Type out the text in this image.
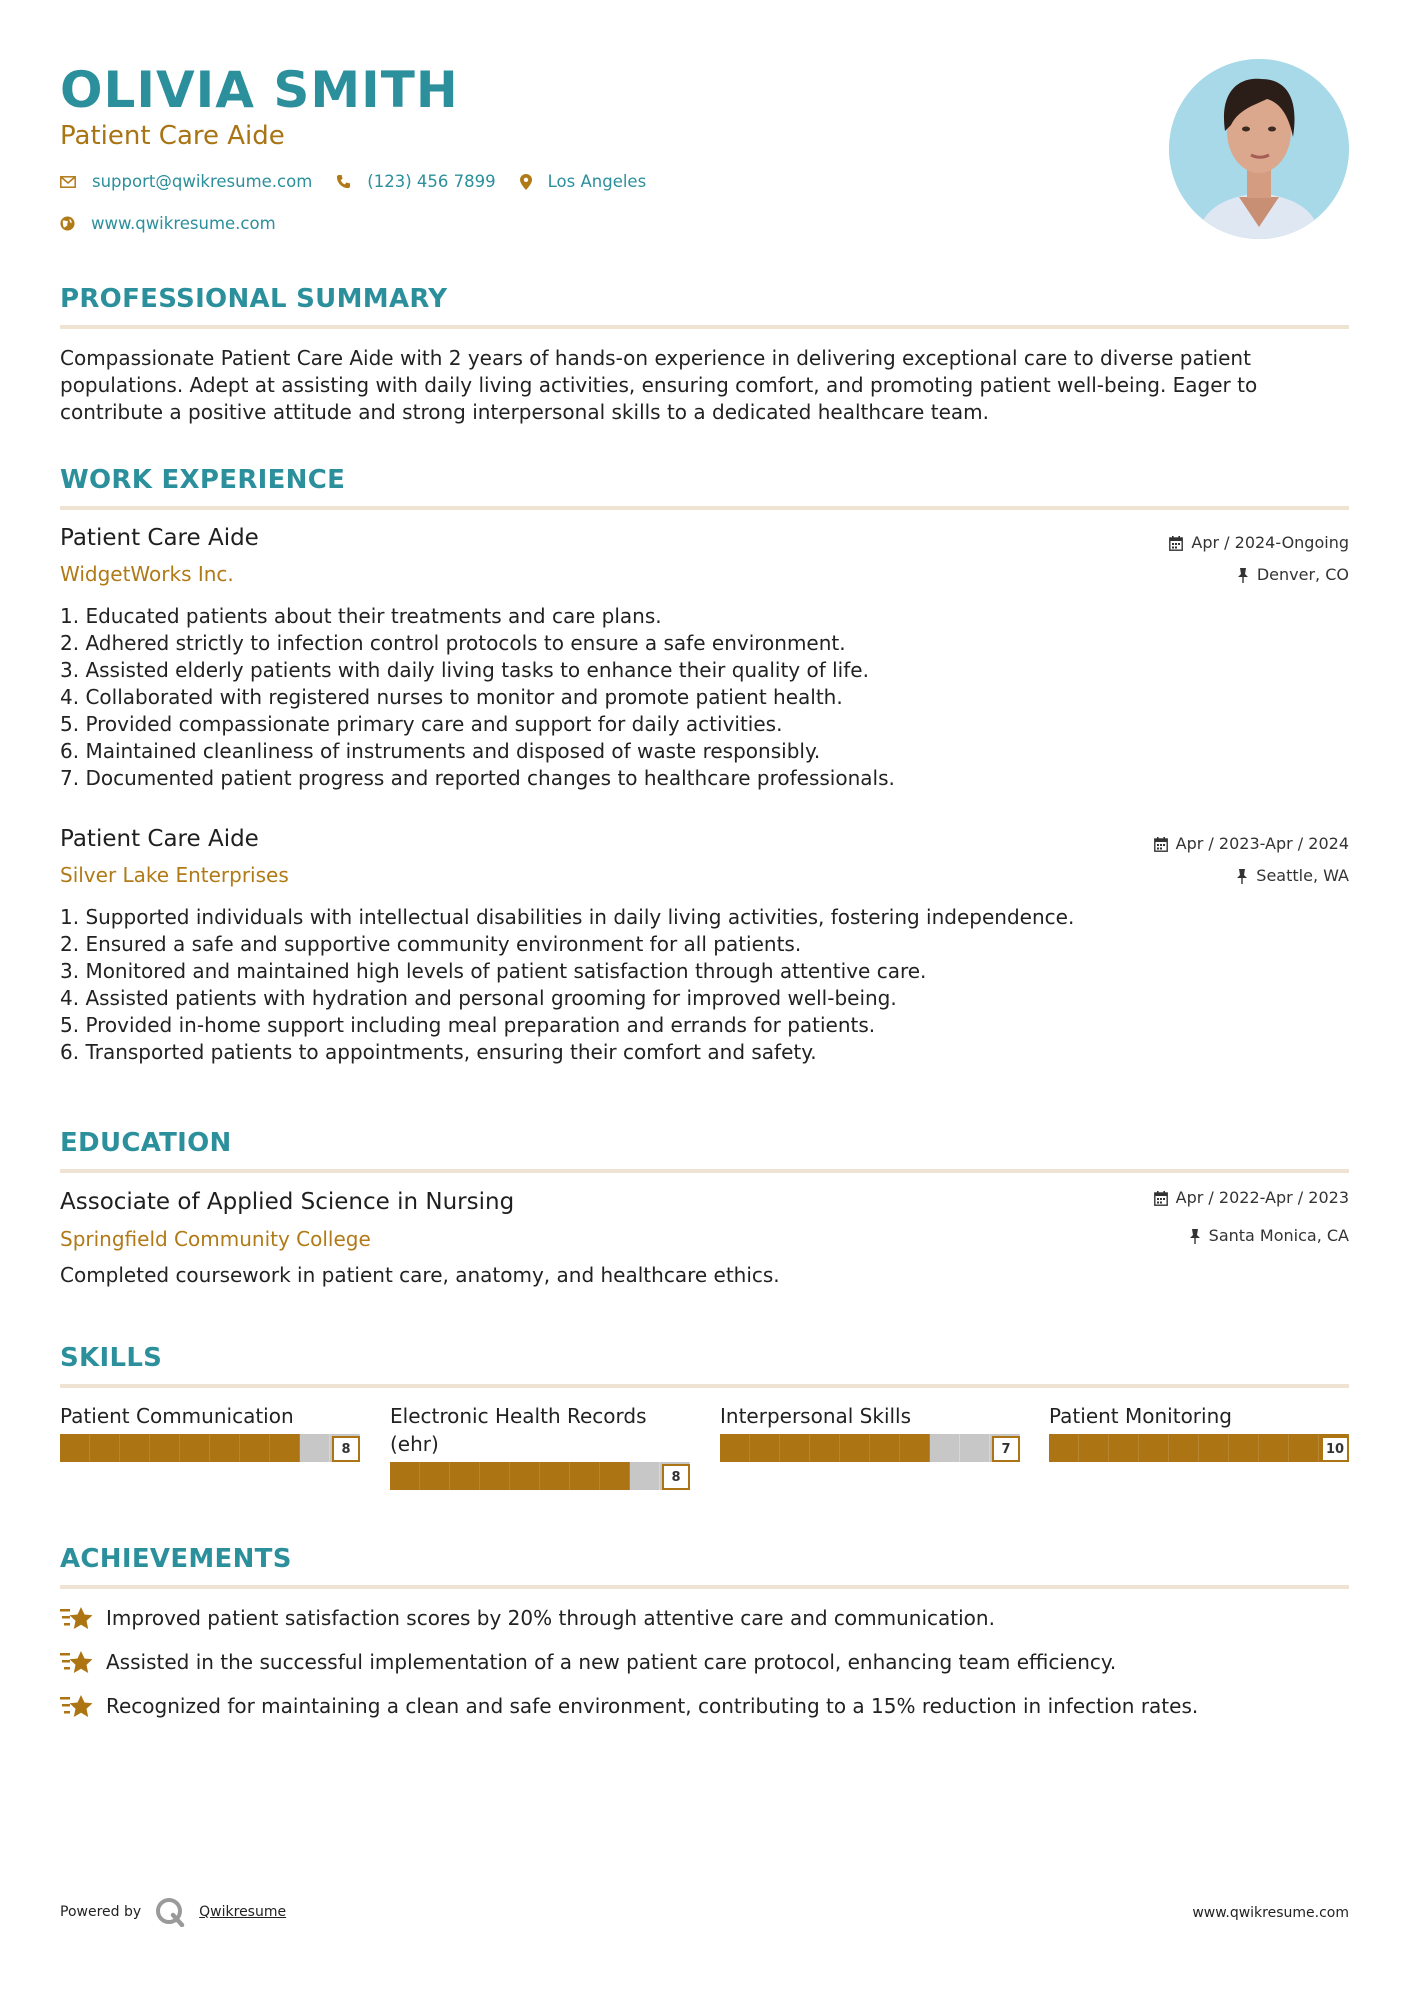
OLIVIA SMITH
Patient Care Aide
support@qwikresume.com	(123) 456 7899	Los Angeles
www.qwikresume.com
PROFESSIONAL SUMMARY
Compassionate Patient Care Aide with 2 years of hands-on experience in delivering exceptional care to diverse patient
populations. Adept at assisting with daily living activities, ensuring comfort, and promoting patient well-being. Eager to
contribute a positive attitude and strong interpersonal skills to a dedicated healthcare team.
WORK EXPERIENCE
Patient Care Aide
WidgetWorks Inc.
Apr / 2024-Ongoing
Denver, CO
1. Educated patients about their treatments and care plans.
2. Adhered strictly to infection control protocols to ensure a safe environment.
3. Assisted elderly patients with daily living tasks to enhance their quality of life.
4. Collaborated with registered nurses to monitor and promote patient health.
5. Provided compassionate primary care and support for daily activities.
6. Maintained cleanliness of instruments and disposed of waste responsibly.
7. Documented patient progress and reported changes to healthcare professionals.
Patient Care Aide
Silver Lake Enterprises
Apr / 2023-Apr / 2024
Seattle, WA
1. Supported individuals with intellectual disabilities in daily living activities, fostering independence.
2. Ensured a safe and supportive community environment for all patients.
3. Monitored and maintained high levels of patient satisfaction through attentive care.
4. Assisted patients with hydration and personal grooming for improved well-being.
5. Provided in-home support including meal preparation and errands for patients.
6. Transported patients to appointments, ensuring their comfort and safety.
EDUCATION
Associate of Applied Science in Nursing
Springfield Community College
Apr / 2022-Apr / 2023
Santa Monica, CA
Completed coursework in patient care, anatomy, and healthcare ethics.
SKILLS
Patient Communication
8
Electronic Health Records (ehr)
8
Interpersonal Skills
7
Patient Monitoring
10
ACHIEVEMENTS
Improved patient satisfaction scores by 20% through attentive care and communication.
Assisted in the successful implementation of a new patient care protocol, enhancing team efficiency.
Recognized for maintaining a clean and safe environment, contributing to a 15% reduction in infection rates.
Powered by	Qwikresume	www.qwikresume.com
